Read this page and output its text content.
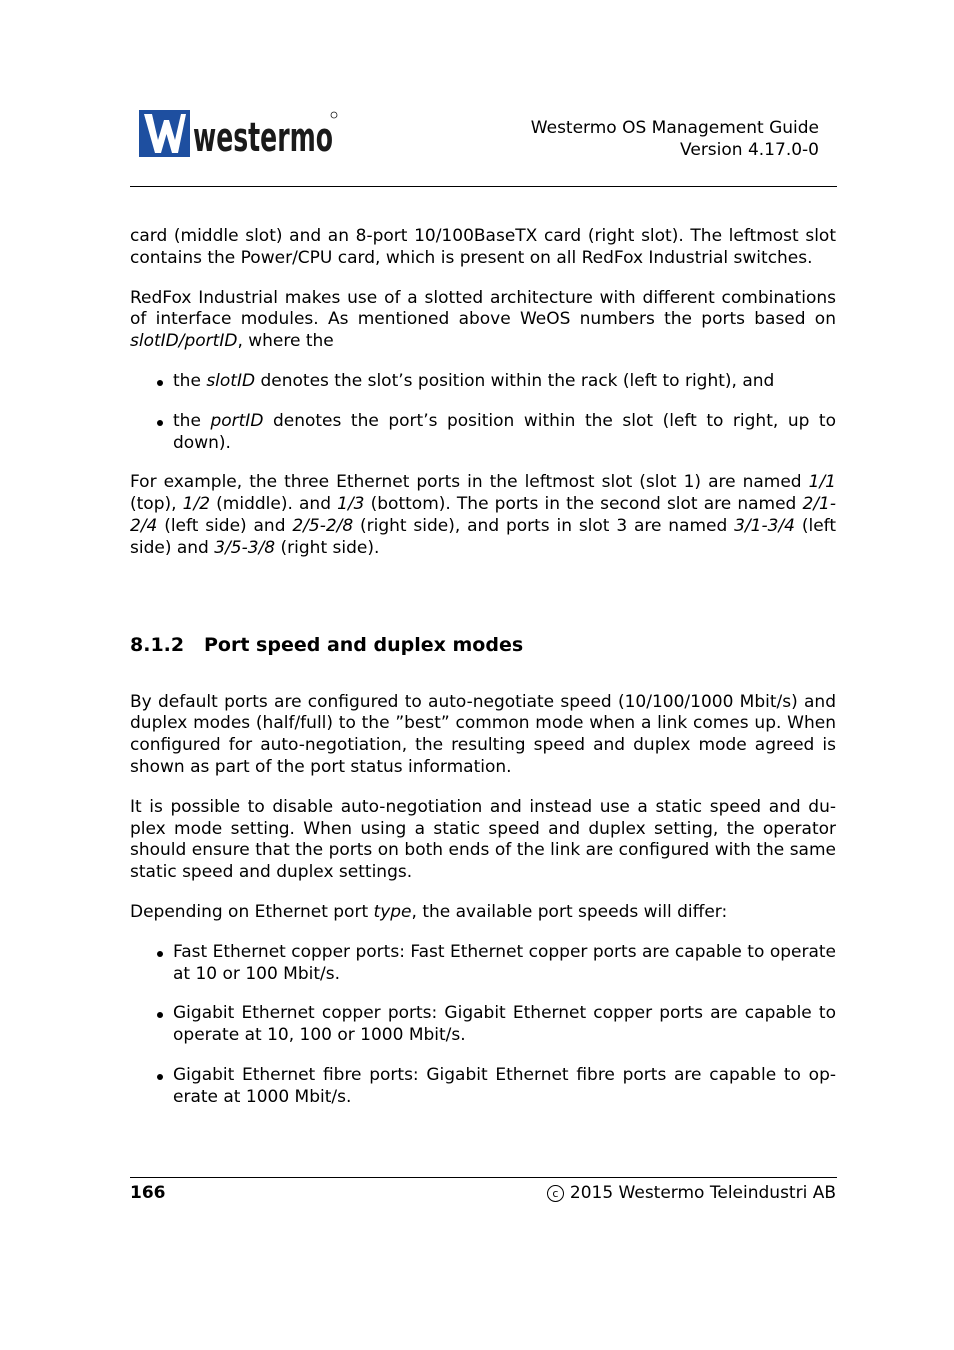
westermo	Westermo OS Management Guide
Version 4.17.0-0

card (middle slot) and an 8-port 10/100BaseTX card (right slot). The leftmost slot contains the Power/CPU card, which is present on all RedFox Industrial switches.

RedFox Industrial makes use of a slotted architecture with different combinations of interface modules. As mentioned above WeOS numbers the ports based on slotID/portID, where the

the slotID denotes the slot’s position within the rack (left to right), and
the portID denotes the port’s position within the slot (left to right, up to down).

For example, the three Ethernet ports in the leftmost slot (slot 1) are named 1/1 (top), 1/2 (middle). and 1/3 (bottom). The ports in the second slot are named 2/1-2/4 (left side) and 2/5-2/8 (right side), and ports in slot 3 are named 3/1-3/4 (left side) and 3/5-3/8 (right side).

8.1.2 Port speed and duplex modes

By default ports are configured to auto-negotiate speed (10/100/1000 Mbit/s) and duplex modes (half/full) to the ”best” common mode when a link comes up. When configured for auto-negotiation, the resulting speed and duplex mode agreed is shown as part of the port status information.

It is possible to disable auto-negotiation and instead use a static speed and duplex mode setting. When using a static speed and duplex setting, the operator should ensure that the ports on both ends of the link are configured with the same static speed and duplex settings.

Depending on Ethernet port type, the available port speeds will differ:

Fast Ethernet copper ports: Fast Ethernet copper ports are capable to operate at 10 or 100 Mbit/s.
Gigabit Ethernet copper ports: Gigabit Ethernet copper ports are capable to operate at 10, 100 or 1000 Mbit/s.
Gigabit Ethernet fibre ports: Gigabit Ethernet fibre ports are capable to operate at 1000 Mbit/s.
166	c 2015 Westermo Teleindustri AB
